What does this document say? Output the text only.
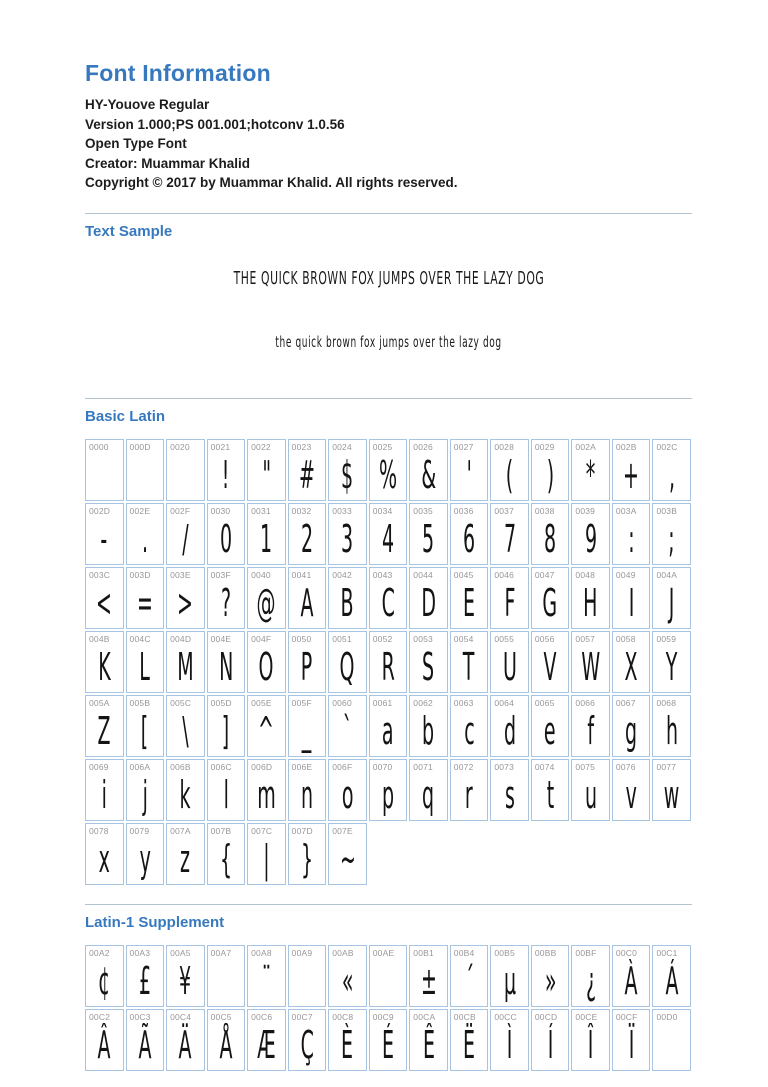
Font Information
HY-Youove Regular
Version 1.000;PS 001.001;hotconv 1.0.56
Open Type Font
Creator: Muammar Khalid
Copyright © 2017 by Muammar Khalid. All rights reserved.
Text Sample
THE QUICK BROWN FOX JUMPS OVER THE LAZY DOG
the quick brown fox jumps over the lazy dog
Basic Latin
0000 000D 0020 0021
!
0022
"
0023
#
0024
$
0025
%
0026
&
0027
'
0028
(
0029
)
002A
*
002B
+
002C
,
002D
-
002E
.
002F
/
0030
0
0031
1
0032
2
0033
3
0034
4
0035
5
0036
6
0037
7
0038
8
0039
9
003A
:
003B
;
003C
<
003D
=
003E
>
003F
?
0040
@
0041
A
0042
B
0043
C
0044
D
0045
E
0046
F
0047
G
0048
H
0049
I
004A
J
004B
K
004C
L
004D
M
004E
N
004F
O
0050
P
0051
Q
0052
R
0053
S
0054
T
0055
U
0056
V
0057
W
0058
X
0059
Y
005A
Z
005B
[
005C
\
005D
]
005E
^
005F
_
0060
`
0061
a
0062
b
0063
c
0064
d
0065
e
0066
f
0067
g
0068
h
0069
i
006A
j
006B
k
006C
l
006D
m
006E
n
006F
o
0070
p
0071
q
0072
r
0073
s
0074
t
0075
u
0076
v
0077
w
0078
x
0079
y
007A
z
007B
{
007C
|
007D
}
007E
~
Latin-1 Supplement
00A2
¢
00A3
£
00A5
¥
00A7 00A8
¨
00A9 00AB
«
00AE 00B1
±
00B4
´
00B5
µ
00BB
»
00BF
¿
00C0
À
00C1
Á
00C2
Â
00C3
Ã
00C4
Ä
00C5
Å
00C6
Æ
00C7
Ç
00C8
È
00C9
É
00CA
Ê
00CB
Ë
00CC
Ì
00CD
Í
00CE
Î
00CF
Ï
00D0
